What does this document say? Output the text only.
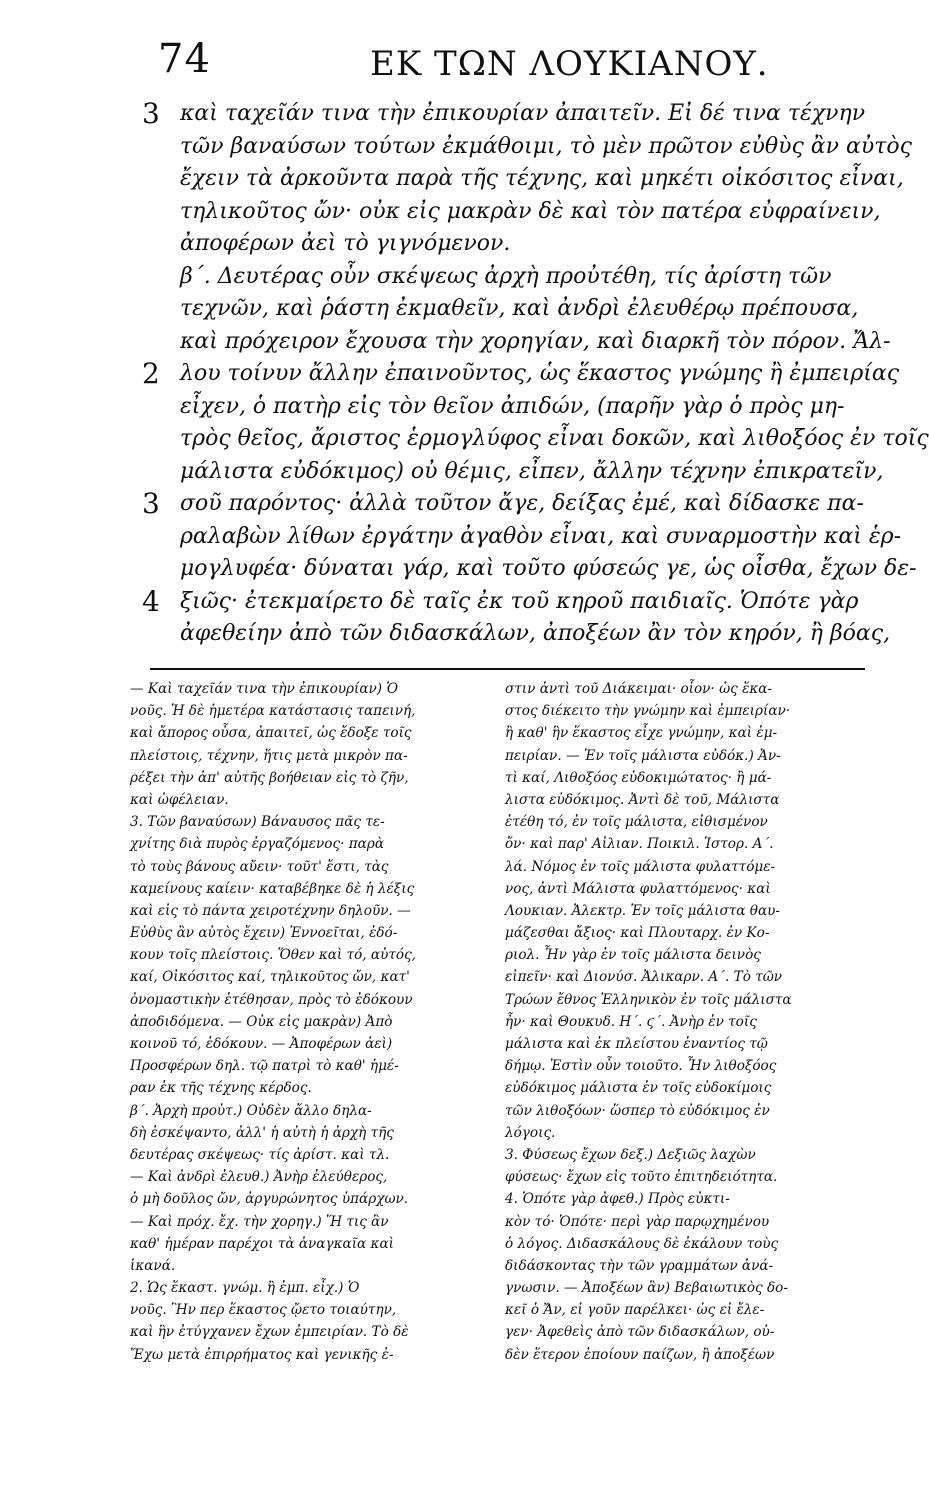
74	ΕΚ ΤΩΝ ΛΟΥΚΙΑΝΟΥ.
3 καὶ ταχεῖάν τινα τὴν ἐπικουρίαν ἀπαιτεῖν. Εἰ δέ τινα τέχνην
τῶν βαναύσων τούτων ἐκμάθοιμι, τὸ μὲν πρῶτον εὐθὺς ἂν αὐτὸς
ἔχειν τὰ ἀρκοῦντα παρὰ τῆς τέχνης, καὶ μηκέτι οἰκόσιτος εἶναι,
τηλικοῦτος ὤν· οὐκ εἰς μακρὰν δὲ καὶ τὸν πατέρα εὐφραίνειν,
ἀποφέρων ἀεὶ τὸ γιγνόμενον.
β΄. Δευτέρας οὖν σκέψεως ἀρχὴ προὐτέθη, τίς ἀρίστη τῶν
τεχνῶν, καὶ ῥάστη ἐκμαθεῖν, καὶ ἀνδρὶ ἐλευθέρῳ πρέπουσα,
καὶ πρόχειρον ἔχουσα τὴν χορηγίαν, καὶ διαρκῆ τὸν πόρον. Ἄλ-
2 λου τοίνυν ἄλλην ἐπαινοῦντος, ὡς ἕκαστος γνώμης ἢ ἐμπειρίας
εἶχεν, ὁ πατὴρ εἰς τὸν θεῖον ἀπιδών, (παρῆν γὰρ ὁ πρὸς μη-
τρὸς θεῖος, ἄριστος ἑρμογλύφος εἶναι δοκῶν, καὶ λιθοξόος ἐν τοῖς
μάλιστα εὐδόκιμος) οὐ θέμις, εἶπεν, ἄλλην τέχνην ἐπικρατεῖν,
3 σοῦ παρόντος· ἀλλὰ τοῦτον ἄγε, δείξας ἐμέ, καὶ δίδασκε πα-
ραλαβὼν λίθων ἐργάτην ἀγαθὸν εἶναι, καὶ συναρμοστὴν καὶ ἑρ-
μογλυφέα· δύναται γάρ, καὶ τοῦτο φύσεώς γε, ὡς οἶσθα, ἔχων δε-
4 ξιῶς· ἐτεκμαίρετο δὲ ταῖς ἐκ τοῦ κηροῦ παιδιαῖς. Ὁπότε γὰρ
ἀφεθείην ἀπὸ τῶν διδασκάλων, ἀποξέων ἂν τὸν κηρόν, ἢ βόας,
— Καὶ ταχεῖάν τινα τὴν ἐπικουρίαν) Ὁ
νοῦς. Ἡ δὲ ἡμετέρα κατάστασις ταπεινή,
καὶ ἄπορος οὖσα, ἀπαιτεῖ, ὡς ἔδοξε τοῖς
πλείστοις, τέχνην, ἥτις μετὰ μικρὸν πα-
ρέξει τὴν ἀπ' αὐτῆς βοήθειαν εἰς τὸ ζῆν,
καὶ ὠφέλειαν.
3. Τῶν βαναύσων) Βάναυσος πᾶς τε-
χνίτης διὰ πυρὸς ἐργαζόμενος· παρὰ
τὸ τοὺς βάνους αὔειν· τοῦτ' ἔστι, τὰς
καμείνους καίειν· καταβέβηκε δὲ ἡ λέξις
καὶ εἰς τὸ πάντα χειροτέχνην δηλοῦν. —
Εὐθὺς ἂν αὐτὸς ἔχειν) Ἐννοεῖται, ἐδό-
κουν τοῖς πλείστοις. Ὅθεν καὶ τό, αὐτός,
καί, Οἰκόσιτος καί, τηλικοῦτος ὤν, κατ'
ὀνομαστικὴν ἐτέθησαν, πρὸς τὸ ἐδόκουν
ἀποδιδόμενα. — Οὐκ εἰς μακρὰν) Ἀπὸ
κοινοῦ τό, ἐδόκουν. — Ἀποφέρων ἀεὶ)
Προσφέρων δηλ. τῷ πατρὶ τὸ καθ' ἡμέ-
ραν ἐκ τῆς τέχνης κέρδος.
β΄. Ἀρχὴ προὐτ.) Οὐδὲν ἄλλο δηλα-
δὴ ἐσκέψαντο, ἀλλ' ἡ αὐτὴ ἡ ἀρχὴ τῆς
δευτέρας σκέψεως· τίς ἀρίστ. καὶ τλ.
— Καὶ ἀνδρὶ ἐλευθ.) Ἀνὴρ ἐλεύθερος,
ὁ μὴ δοῦλος ὤν, ἀργυρώνητος ὑπάρχων.
— Καὶ πρόχ. ἔχ. τὴν χορηγ.) Ἥ τις ἂν
καθ' ἡμέραν παρέχοι τὰ ἀναγκαῖα καὶ
ἱκανά.
2. Ὡς ἕκαστ. γνώμ. ἢ ἐμπ. εἶχ.) Ὁ
νοῦς. Ἣν περ ἕκαστος ᾤετο τοιαύτην,
καὶ ἣν ἐτύγχανεν ἔχων ἐμπειρίαν. Τὸ δὲ
Ἔχω μετὰ ἐπιρρήματος καὶ γενικῆς ἐ-
στιν ἀντὶ τοῦ Διάκειμαι· οἷον· ὡς ἕκα-
στος διέκειτο τὴν γνώμην καὶ ἐμπειρίαν·
ἢ καθ' ἣν ἕκαστος εἶχε γνώμην, καὶ ἐμ-
πειρίαν. — Ἐν τοῖς μάλιστα εὐδόκ.) Ἀν-
τὶ καί, Λιθοξόος εὐδοκιμώτατος· ἢ μά-
λιστα εὐδόκιμος. Ἀντὶ δὲ τοῦ, Μάλιστα
ἐτέθη τό, ἐν τοῖς μάλιστα, εἰθισμένον
ὄν· καὶ παρ' Αἰλιαν. Ποικιλ. Ἱστορ. Α΄.
λά. Νόμος ἐν τοῖς μάλιστα φυλαττόμε-
νος, ἀντὶ Μάλιστα φυλαττόμενος· καὶ
Λουκιαν. Ἀλεκτρ. Ἐν τοῖς μάλιστα θαυ-
μάζεσθαι ἄξιος· καὶ Πλουταρχ. ἐν Κο-
ριολ. Ἦν γὰρ ἐν τοῖς μάλιστα δεινὸς
εἰπεῖν· καὶ Διονύσ. Ἀλικαρν. Α΄. Τὸ τῶν
Τρώων ἔθνος Ἑλληνικὸν ἐν τοῖς μάλιστα
ἦν· καὶ Θουκυδ. Η΄. ϛ΄. Ἀνὴρ ἐν τοῖς
μάλιστα καὶ ἐκ πλείστου ἐναντίος τῷ
δήμῳ. Ἐστὶν οὖν τοιοῦτο. Ἦν λιθοξόος
εὐδόκιμος μάλιστα ἐν τοῖς εὐδοκίμοις
τῶν λιθοξόων· ὥσπερ τὸ εὐδόκιμος ἐν
λόγοις.
3. Φύσεως ἔχων δεξ.) Δεξιῶς λαχὼν
φύσεως· ἔχων εἰς τοῦτο ἐπιτηδειότητα.
4. Ὁπότε γὰρ ἀφεθ.) Πρὸς εὐκτι-
κὸν τό· Ὁπότε· περὶ γὰρ παρῳχημένου
ὁ λόγος. Διδασκάλους δὲ ἐκάλουν τοὺς
διδάσκοντας τὴν τῶν γραμμάτων ἀνά-
γνωσιν. — Ἀποξέων ἂν) Βεβαιωτικὸς δο-
κεῖ ὁ Ἄν, εἰ γοῦν παρέλκει· ὡς εἰ ἔλε-
γεν· Ἀφεθεὶς ἀπὸ τῶν διδασκάλων, οὐ-
δὲν ἕτερον ἐποίουν παίζων, ἢ ἀποξέων
